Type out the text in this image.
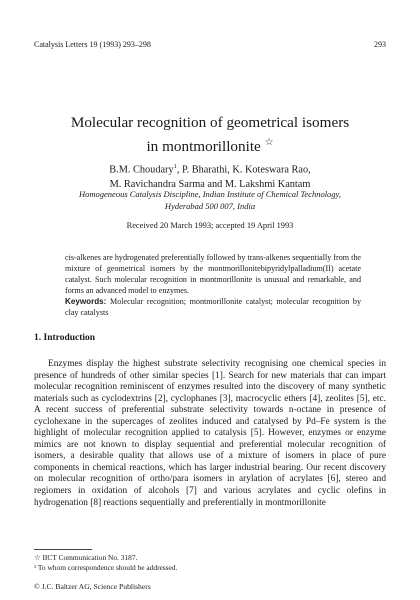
Catalysis Letters 19 (1993) 293–298	293
Molecular recognition of geometrical isomers
in montmorillonite ☆
B.M. Choudary$^1$, P. Bharathi, K. Koteswara Rao,
M. Ravichandra Sarma and M. Lakshmi Kantam
Homogeneous Catalysis Discipline, Indian Institute of Chemical Technology,
Hyderabad 500 007, India
Received 20 March 1993; accepted 19 April 1993
cis-alkenes are hydrogenated preferentially followed by trans-alkenes sequentially from the mixture of geometrical isomers by the montmorillonitebipyridylpalladium(II) acetate catalyst. Such molecular recognition in montmorillonite is unusual and remarkable, and forms an advanced model to enzymes.
Keywords: Molecular recognition; montmorillonite catalyst; molecular recognition by clay catalysts
1. Introduction

Enzymes display the highest substrate selectivity recognising one chemical species in presence of hundreds of other similar species [1]. Search for new materials that can impart molecular recognition reminiscent of enzymes resulted into the discovery of many synthetic materials such as cyclodextrins [2], cyclophanes [3], macrocyclic ethers [4], zeolites [5], etc. A recent success of preferential substrate selectivity towards n-octane in presence of cyclohexane in the supercages of zeolites induced and catalysed by Pd–Fe system is the highlight of molecular recognition applied to catalysis [5]. However, enzymes or enzyme mimics are not known to display sequential and preferential molecular recognition of isomers, a desirable quality that allows use of a mixture of isomers in place of pure components in chemical reactions, which has larger industrial bearing. Our recent discovery on molecular recognition of ortho/para isomers in arylation of acrylates [6], stereo and regiomers in oxidation of alcohols [7] and various acrylates and cyclic olefins in hydrogenation [8] reactions sequentially and preferentially in montmorillonite

☆ IICT Communication No. 3187.
¹ To whom correspondence should be addressed.
© J.C. Baltzer AG, Science Publishers
